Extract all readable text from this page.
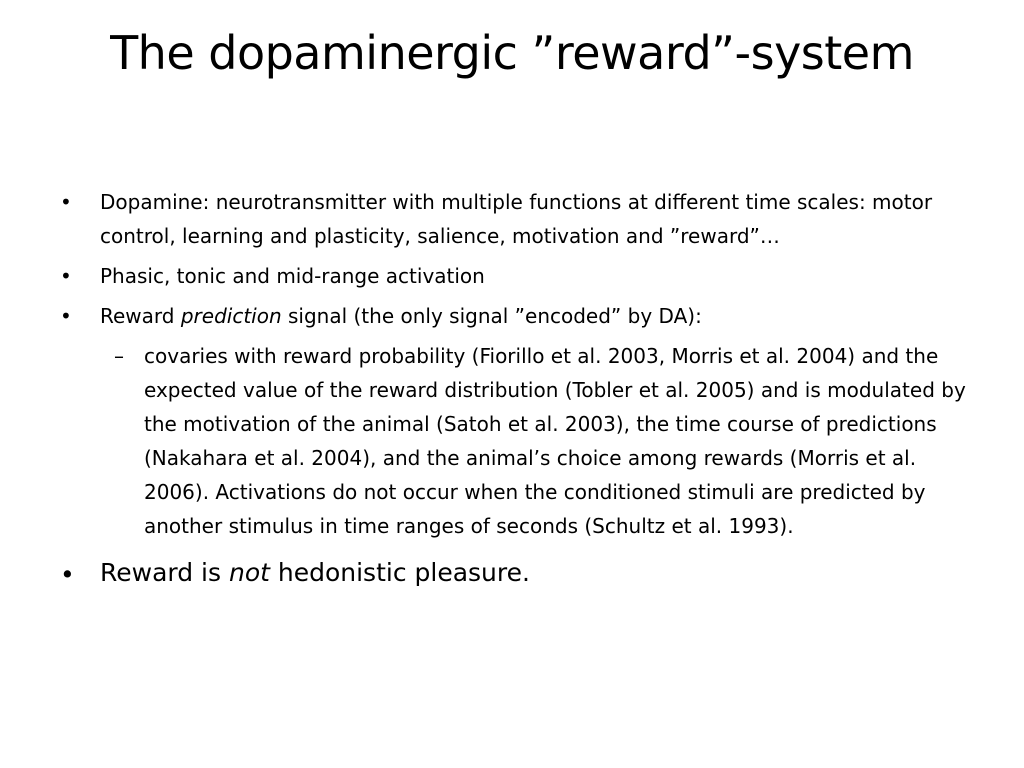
The dopaminergic ”reward”-system
•	Dopamine: neurotransmitter with multiple functions at different time scales: motor control, learning and plasticity, salience, motivation and ”reward”…
•	Phasic, tonic and mid-range activation
•	Reward prediction signal (the only signal ”encoded” by DA):
– covaries with reward probability (Fiorillo et al. 2003, Morris et al. 2004) and the expected value of the reward distribution (Tobler et al. 2005) and is modulated by the motivation of the animal (Satoh et al. 2003), the time course of predictions (Nakahara et al. 2004), and the animal’s choice among rewards (Morris et al. 2006). Activations do not occur when the conditioned stimuli are predicted by another stimulus in time ranges of seconds (Schultz et al. 1993).
• Reward is not hedonistic pleasure.
